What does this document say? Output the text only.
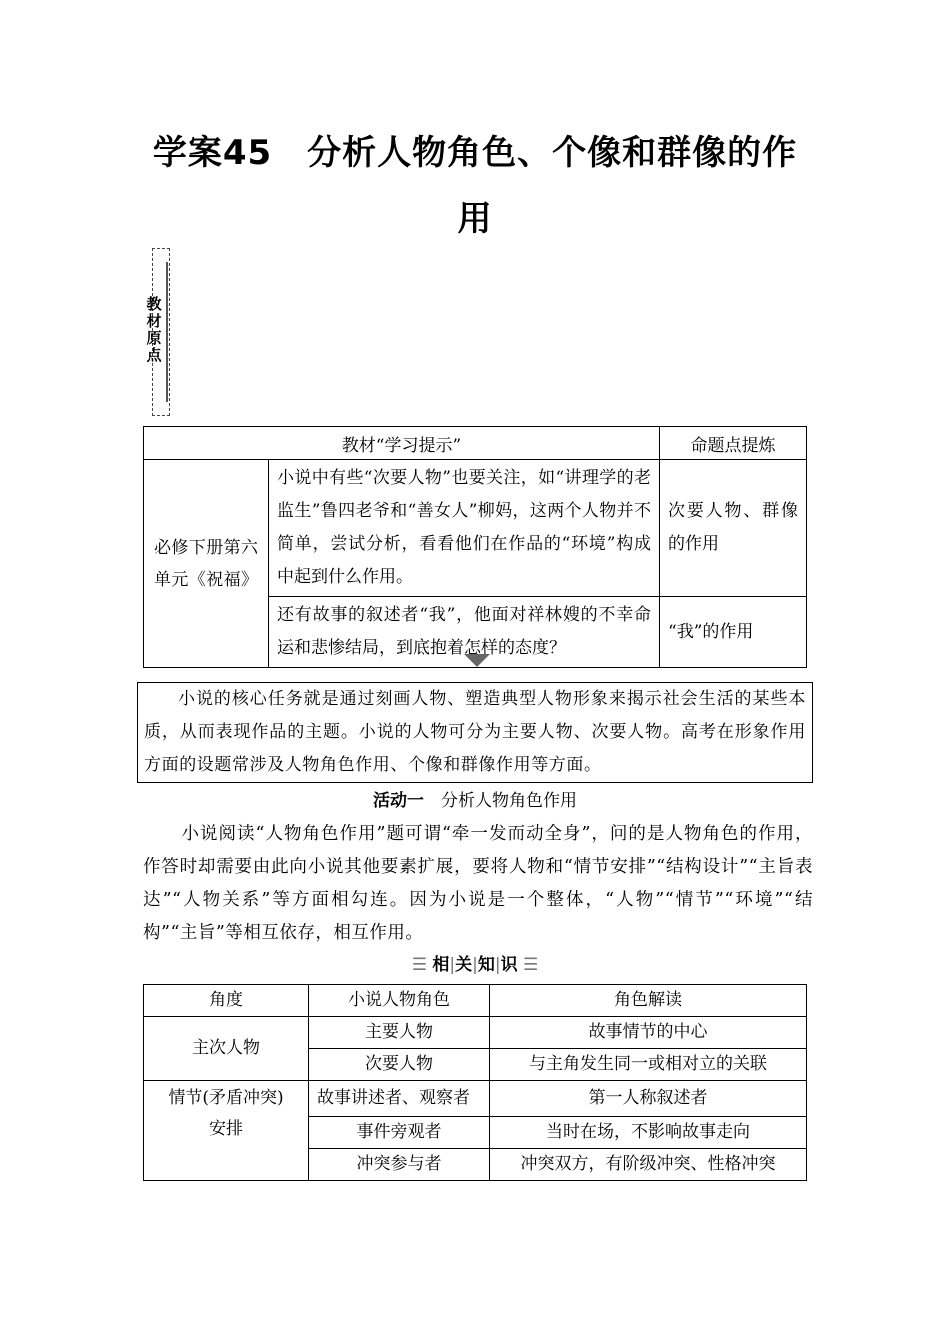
学案45　分析人物角色、个像和群像的作
用
教材原点
教材“学习提示”		命题点提炼
必修下册第六单元《祝福》	小说中有些“次要人物”也要关注，如“讲理学的老监生”鲁四老爷和“善女人”柳妈，这两个人物并不简单，尝试分析，看看他们在作品的“环境”构成中起到什么作用。	次要人物、群像的作用
	还有故事的叙述者“我”，他面对祥林嫂的不幸命运和悲惨结局，到底抱着怎样的态度？	“我”的作用
小说的核心任务就是通过刻画人物、塑造典型人物形象来揭示社会生活的某些本质，从而表现作品的主题。小说的人物可分为主要人物、次要人物。高考在形象作用方面的设题常涉及人物角色作用、个像和群像作用等方面。
活动一　 分析人物角色作用
小说阅读“人物角色作用”题可谓“牵一发而动全身”，问的是人物角色的作用，作答时却需要由此向小说其他要素扩展，要将人物和“情节安排”“结构设计”“主旨表达”“人物关系”等方面相勾连。因为小说是一个整体，“人物”“情节”“环境”“结构”“主旨”等相互依存，相互作用。
☰ 相|关|知|识 ☰
角度	小说人物角色	角色解读
主次人物	主要人物	故事情节的中心
	次要人物	与主角发生同一或相对立的关联
情节(矛盾冲突)安排	故事讲述者、观察者	第一人称叙述者
	事件旁观者	当时在场，不影响故事走向
	冲突参与者	冲突双方，有阶级冲突、性格冲突
